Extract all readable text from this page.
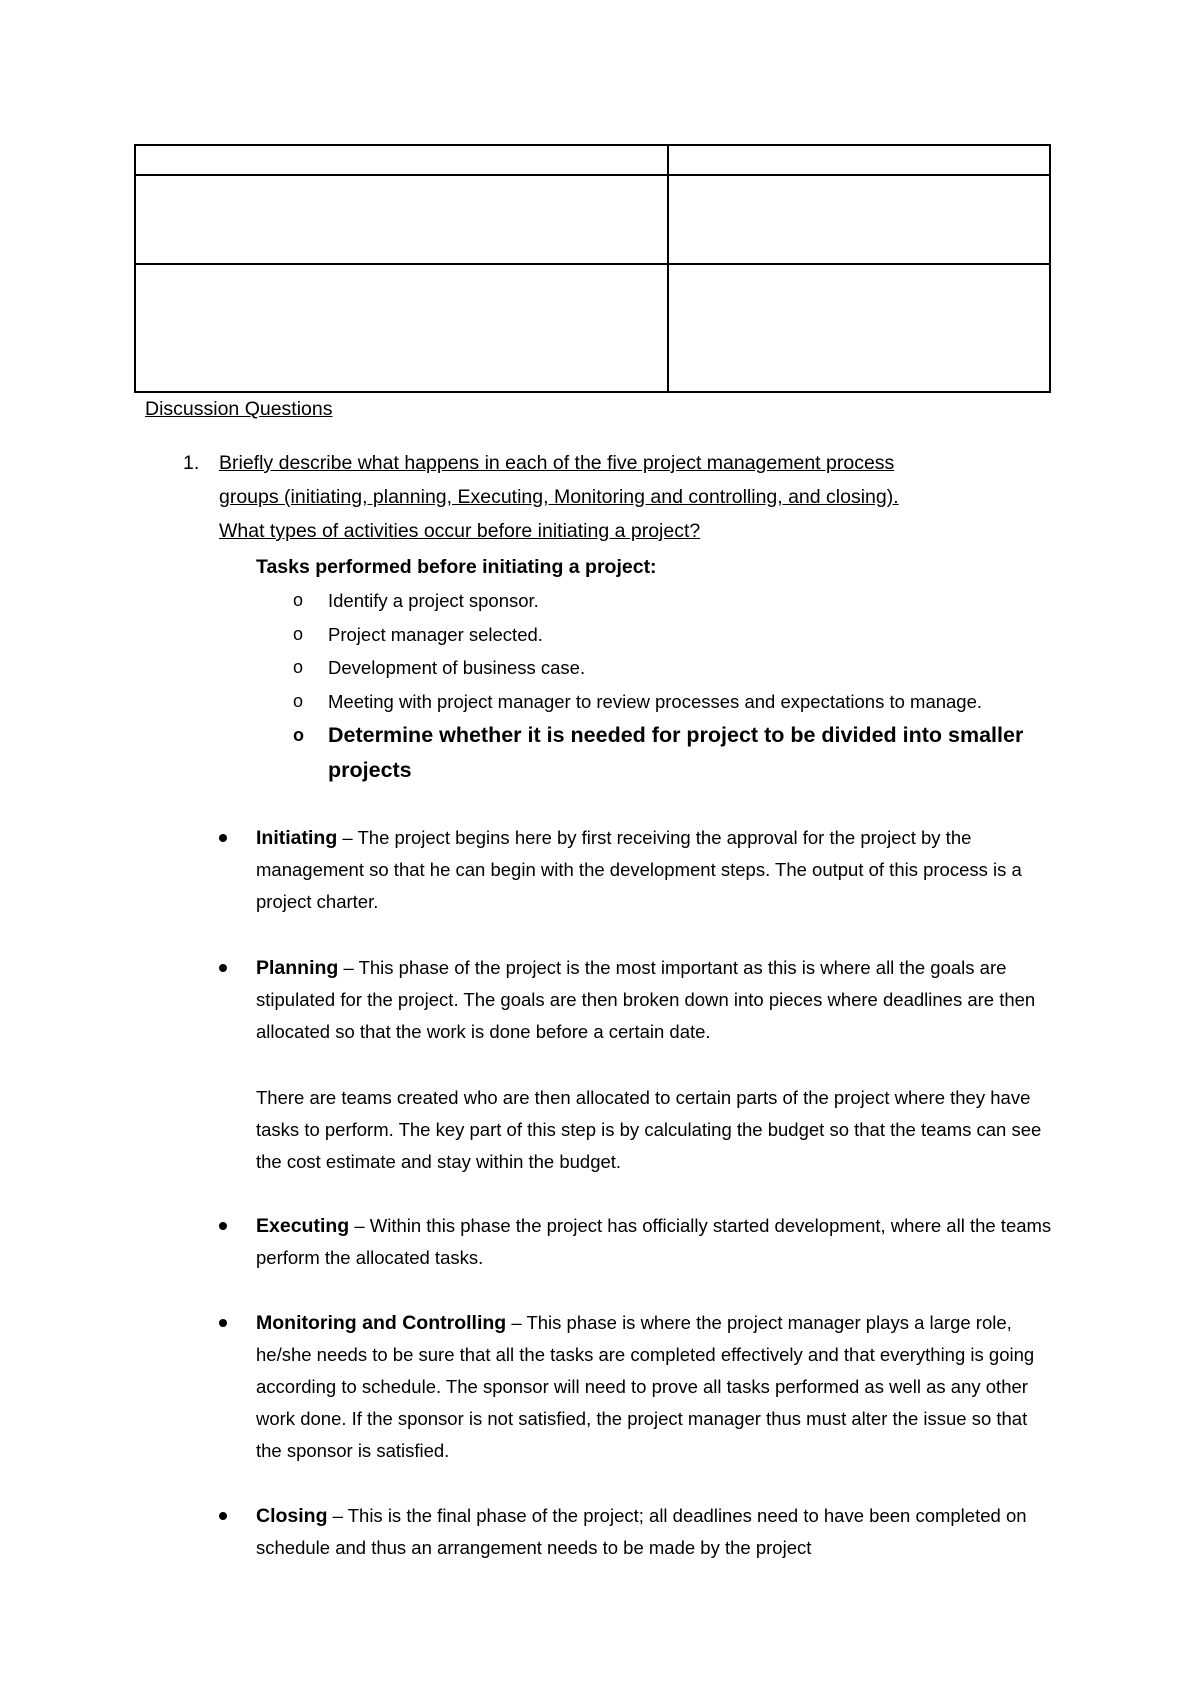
Discussion Questions
1. Briefly describe what happens in each of the five project management process
groups (initiating, planning, Executing, Monitoring and controlling, and closing).
What types of activities occur before initiating a project?
Tasks performed before initiating a project:
o Identify a project sponsor.
o Project manager selected.
o Development of business case.
o Meeting with project manager to review processes and expectations to manage.
o Determine whether it is needed for project to be divided into smaller projects
Initiating – The project begins here by first receiving the approval for the project by the management so that he can begin with the development steps. The output of this process is a project charter.
Planning – This phase of the project is the most important as this is where all the goals are stipulated for the project. The goals are then broken down into pieces where deadlines are then allocated so that the work is done before a certain date.
There are teams created who are then allocated to certain parts of the project where they have tasks to perform. The key part of this step is by calculating the budget so that the teams can see the cost estimate and stay within the budget.
Executing – Within this phase the project has officially started development, where all the teams perform the allocated tasks.
Monitoring and Controlling – This phase is where the project manager plays a large role, he/she needs to be sure that all the tasks are completed effectively and that everything is going according to schedule. The sponsor will need to prove all tasks performed as well as any other work done. If the sponsor is not satisfied, the project manager thus must alter the issue so that the sponsor is satisfied.
Closing – This is the final phase of the project; all deadlines need to have been completed on schedule and thus an arrangement needs to be made by the project
